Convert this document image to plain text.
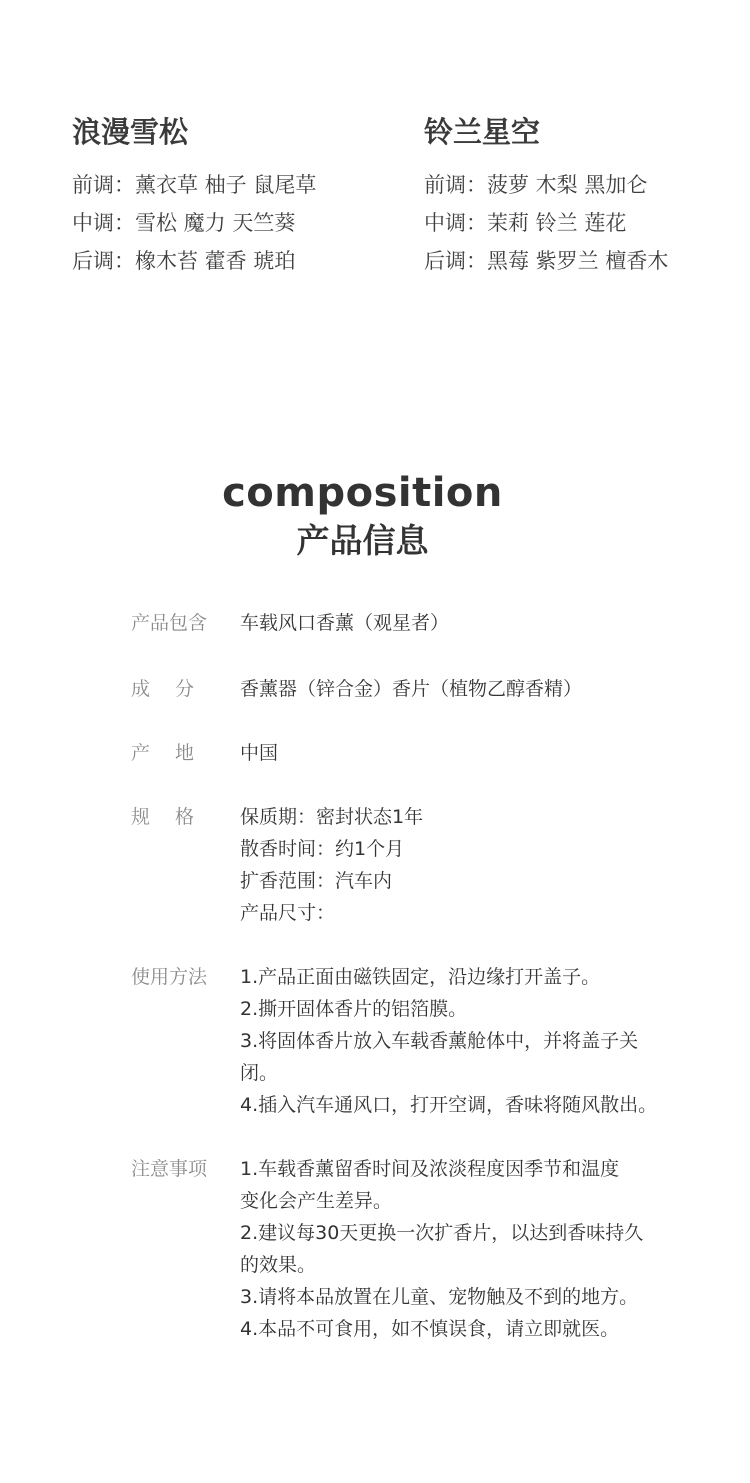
浪漫雪松
前调：薰衣草 柚子 鼠尾草
中调：雪松 魔力 天竺葵
后调：橡木苔 藿香 琥珀
铃兰星空
前调：菠萝 木梨 黑加仑
中调：茉莉 铃兰 莲花
后调：黑莓 紫罗兰 檀香木
composition
产品信息
产品包含	车载风口香薰（观星者）
成　 分	香薰器（锌合金）香片（植物乙醇香精）
产　 地	中国
规　 格	保质期：密封状态1年
散香时间：约1个月
扩香范围：汽车内
产品尺寸：
使用方法	1.产品正面由磁铁固定，沿边缘打开盖子。
2.撕开固体香片的铝箔膜。
3.将固体香片放入车载香薰舱体中，并将盖子关
闭。
4.插入汽车通风口，打开空调，香味将随风散出。
注意事项	1.车载香薰留香时间及浓淡程度因季节和温度
变化会产生差异。
2.建议每30天更换一次扩香片，以达到香味持久
的效果。
3.请将本品放置在儿童、宠物触及不到的地方。
4.本品不可食用，如不慎误食，请立即就医。
